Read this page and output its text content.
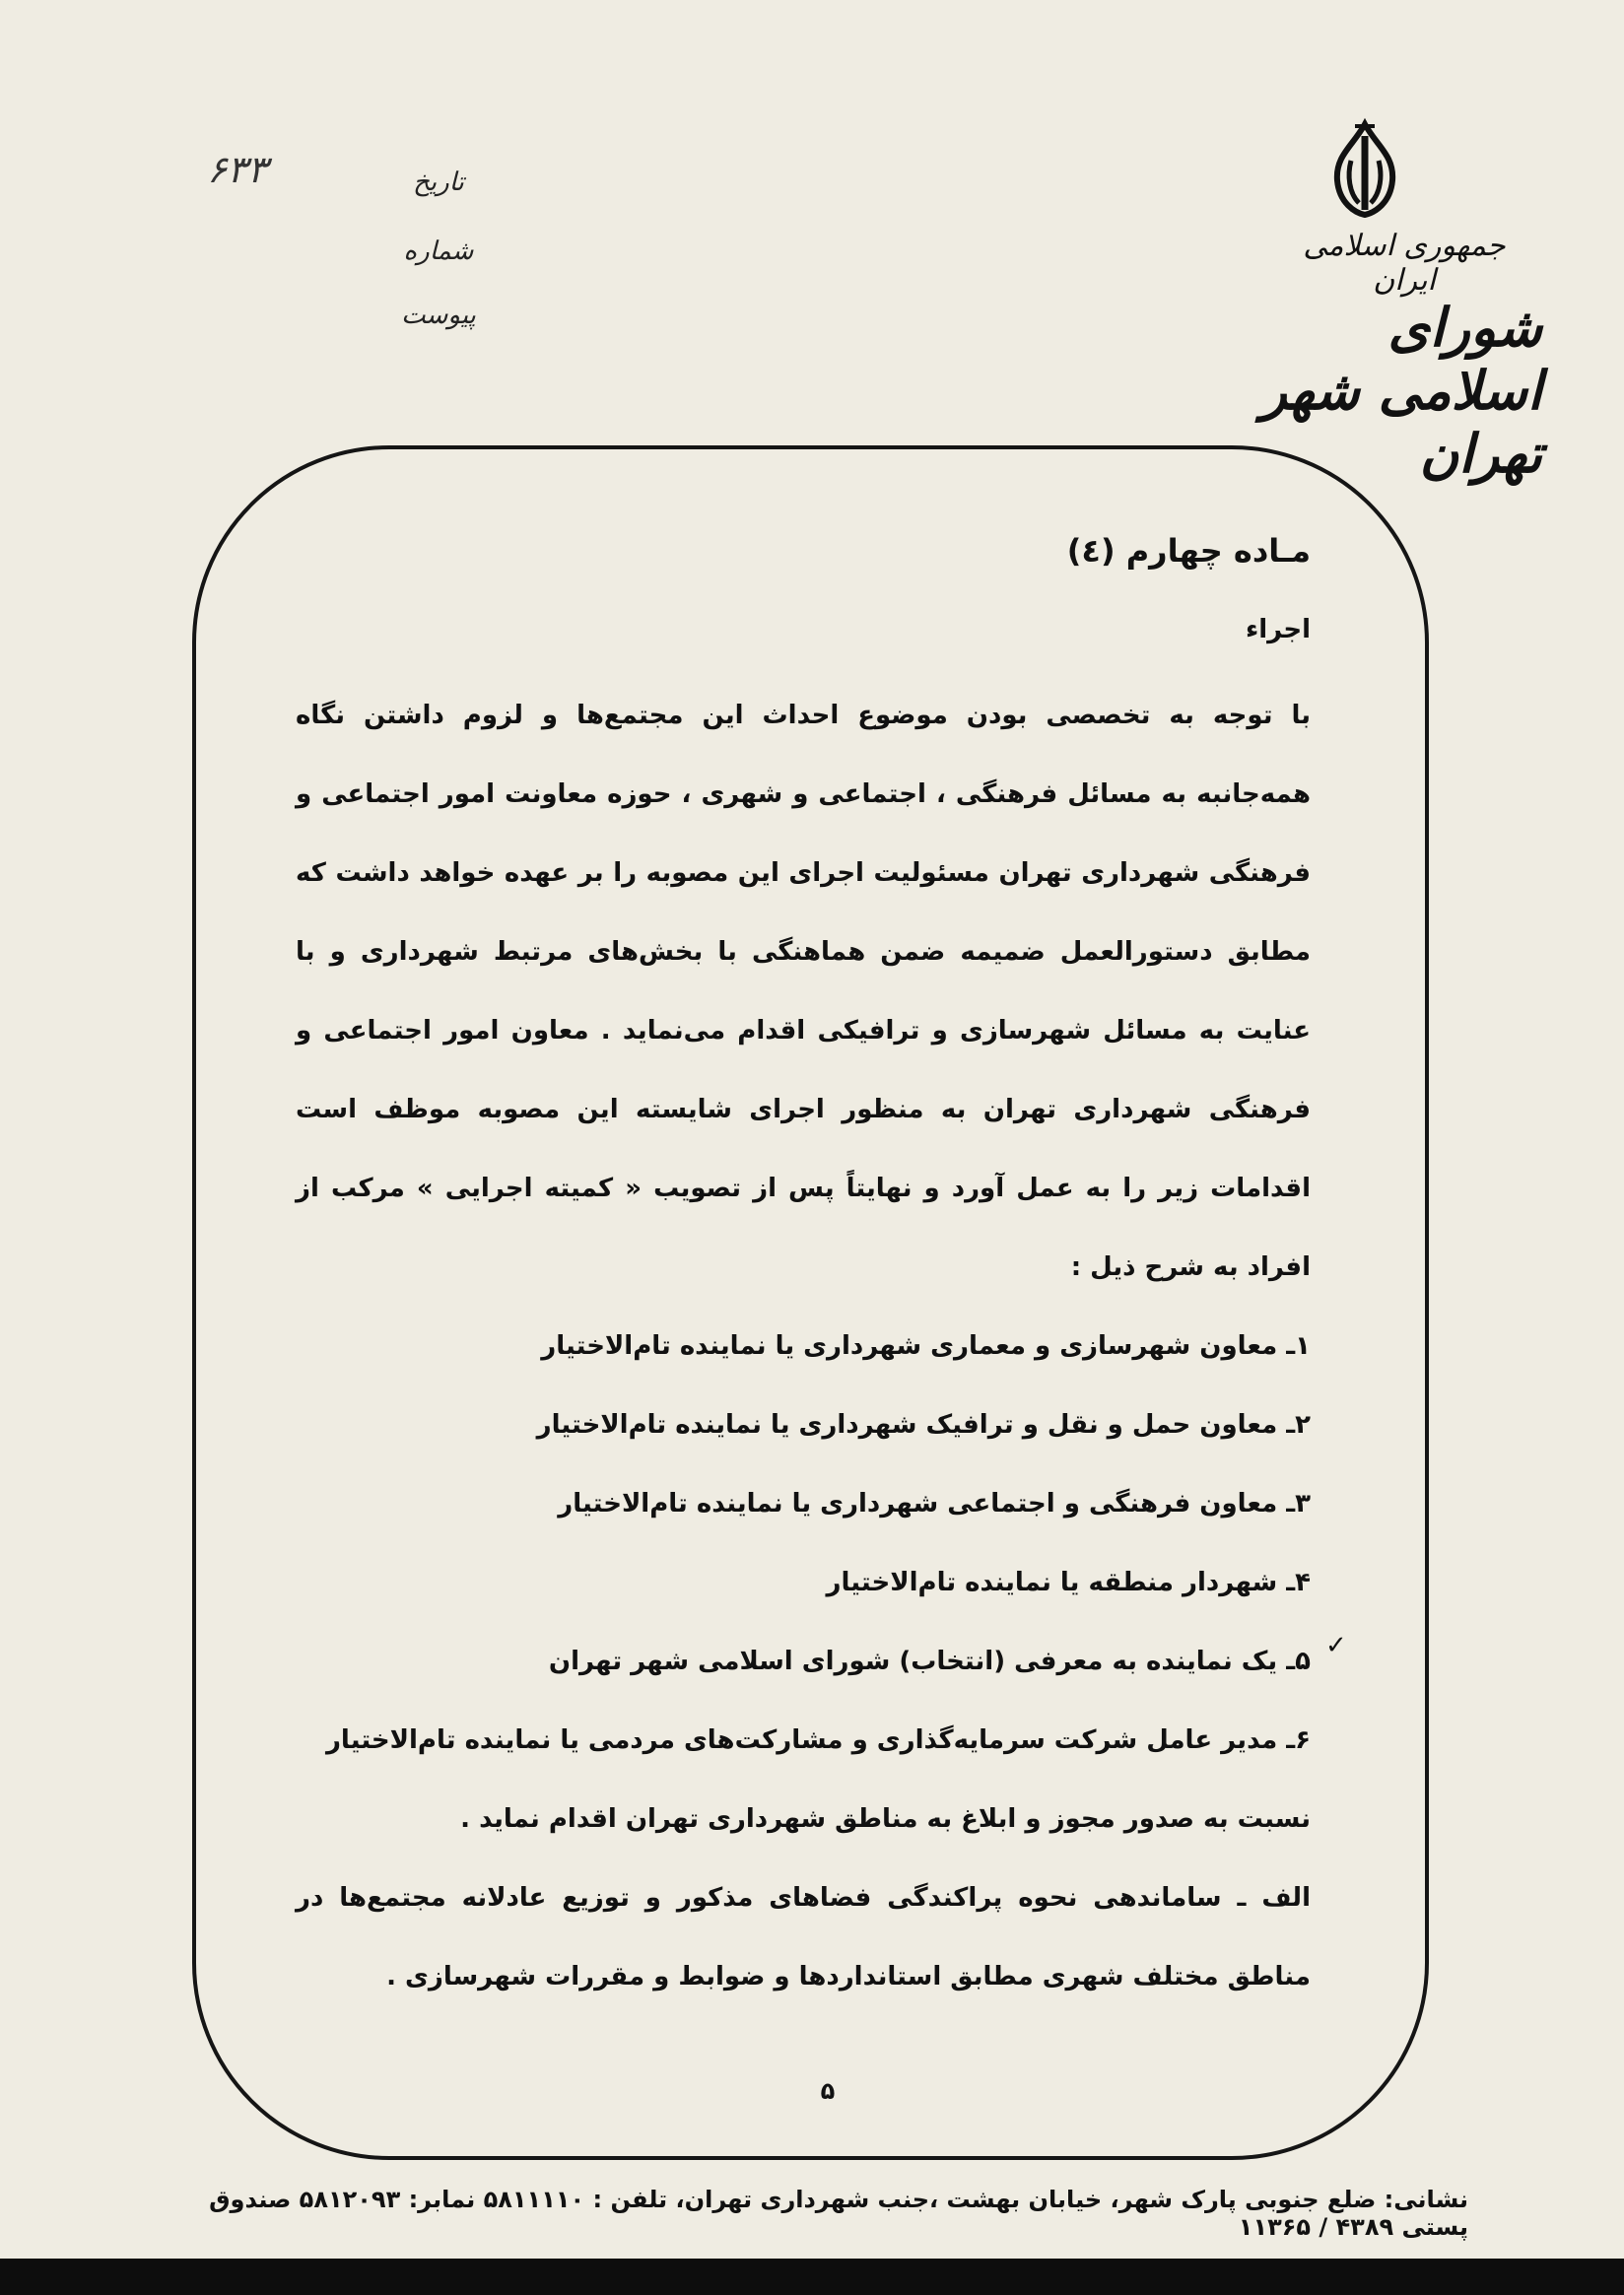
جمهوری اسلامی ایران
شورای اسلامی شهر تهران
۶۳۳	تاریخ
شماره
پیوست
مـاده چهارم (٤)
اجراء
با توجه به تخصصی بودن موضوع احداث این مجتمع‌ها و لزوم داشتن نگاه همه‌جانبه به مسائل فرهنگی ، اجتماعی و شهری ، حوزه معاونت امور اجتماعی و فرهنگی شهرداری تهران مسئولیت اجرای این مصوبه را بر عهده خواهد داشت که مطابق دستورالعمل ضمیمه ضمن هماهنگی با بخش‌های مرتبط شهرداری و با عنایت به مسائل شهرسازی و ترافیکی اقدام می‌نماید . معاون امور اجتماعی و فرهنگی شهرداری تهران به منظور اجرای شایسته این مصوبه موظف است اقدامات زیر را به عمل آورد و نهایتاً پس از تصویب « کمیته اجرایی » مرکب از افراد به شرح ذیل :
۱ـ معاون شهرسازی و معماری شهرداری یا نماینده تام‌الاختیار
۲ـ معاون حمل و نقل و ترافیک شهرداری یا نماینده تام‌الاختیار
۳ـ معاون فرهنگی و اجتماعی شهرداری یا نماینده تام‌الاختیار
۴ـ شهردار منطقه یا نماینده تام‌الاختیار
۵ـ یک نماینده به معرفی (انتخاب) شورای اسلامی شهر تهران
۶ـ مدیر عامل شرکت سرمایه‌گذاری و مشارکت‌های مردمی یا نماینده تام‌الاختیار
نسبت به صدور مجوز و ابلاغ به مناطق شهرداری تهران اقدام نماید .
الف ـ ساماندهی نحوه پراکندگی فضاهای مذکور و توزیع عادلانه مجتمع‌ها در مناطق مختلف شهری مطابق استانداردها و ضوابط و مقررات شهرسازی .
✓
۵
نشانی: ضلع جنوبی پارک شهر، خیابان بهشت ،جنب شهرداری تهران، تلفن : ۵۸۱۱۱۱۰ نمابر: ۵۸۱۲۰۹۳ صندوق پستی ۴۳۸۹ / ۱۱۳۶۵
